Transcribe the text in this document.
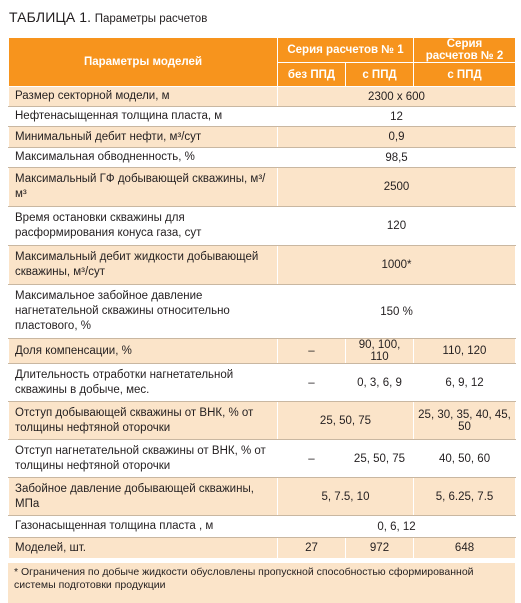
ТАБЛИЦА 1. Параметры расчетов
Параметры моделей	Серия расчетов № 1		Серия расчетов № 2
	без ППД	с ППД	с ППД
Размер секторной модели, м	2300 х 600		
Нефтенасыщенная толщина пласта, м	12		
Минимальный дебит нефти, м³/сут	0,9		
Максимальная обводненность, %	98,5		
Максимальный ГФ добывающей скважины, м³/м³	2500		
Время остановки скважины для расформирования конуса газа, сут	120		
Максимальный дебит жидкости добывающей скважины, м³/сут	1000*		
Максимальное забойное давление нагнетательной скважины относительно пластового, %	150 %		
Доля компенсации, %	–	90, 100, 110	110, 120
Длительность отработки нагнетательной скважины в добыче, мес.	–	0, 3, 6, 9	6, 9, 12
Отступ добывающей скважины от ВНК, % от толщины нефтяной оторочки	25, 50, 75		25, 30, 35, 40, 45, 50
Отступ нагнетательной скважины от ВНК, % от толщины нефтяной оторочки	–	25, 50, 75	40, 50, 60
Забойное давление добывающей скважины, МПа	5, 7.5, 10		5, 6.25, 7.5
Газонасыщенная толщина пласта , м	0, 6, 12		
Моделей, шт.	27	972	648
* Ограничения по добыче жидкости обусловлены пропускной способностью сформированной системы подготовки продукции
